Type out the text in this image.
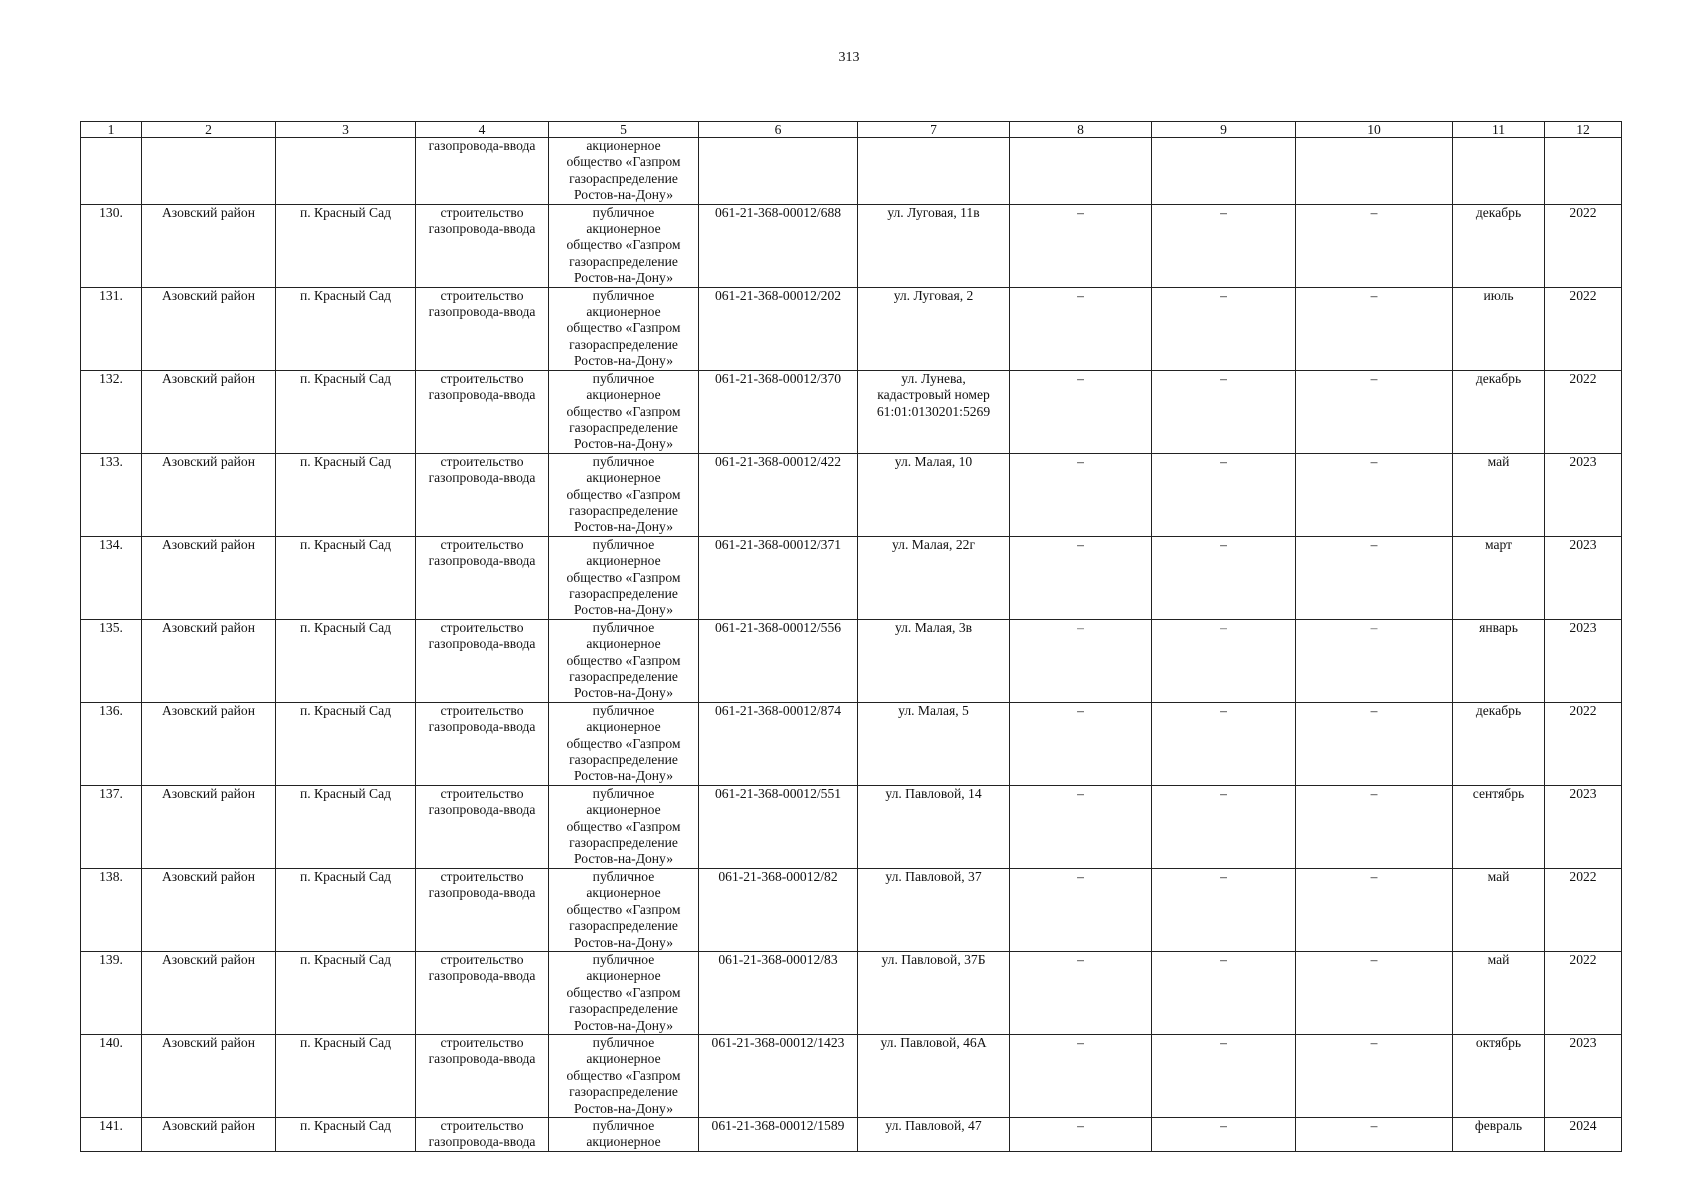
313
1	2	3	4	5	6	7	8	9	10	11	12
			газопровода-ввода	акционерное
общество «Газпром
газораспределение
Ростов-на-Дону»							
130.	Азовский район	п. Красный Сад	строительство
газопровода-ввода	публичное
акционерное
общество «Газпром
газораспределение
Ростов-на-Дону»	061-21-368-00012/688	ул. Луговая, 11в	–	–	–	декабрь	2022
131.	Азовский район	п. Красный Сад	строительство
газопровода-ввода	публичное
акционерное
общество «Газпром
газораспределение
Ростов-на-Дону»	061-21-368-00012/202	ул. Луговая, 2	–	–	–	июль	2022
132.	Азовский район	п. Красный Сад	строительство
газопровода-ввода	публичное
акционерное
общество «Газпром
газораспределение
Ростов-на-Дону»	061-21-368-00012/370	ул. Лунева,
кадастровый номер
61:01:0130201:5269	–	–	–	декабрь	2022
133.	Азовский район	п. Красный Сад	строительство
газопровода-ввода	публичное
акционерное
общество «Газпром
газораспределение
Ростов-на-Дону»	061-21-368-00012/422	ул. Малая, 10	–	–	–	май	2023
134.	Азовский район	п. Красный Сад	строительство
газопровода-ввода	публичное
акционерное
общество «Газпром
газораспределение
Ростов-на-Дону»	061-21-368-00012/371	ул. Малая, 22г	–	–	–	март	2023
135.	Азовский район	п. Красный Сад	строительство
газопровода-ввода	публичное
акционерное
общество «Газпром
газораспределение
Ростов-на-Дону»	061-21-368-00012/556	ул. Малая, 3в	–	–	–	январь	2023
136.	Азовский район	п. Красный Сад	строительство
газопровода-ввода	публичное
акционерное
общество «Газпром
газораспределение
Ростов-на-Дону»	061-21-368-00012/874	ул. Малая, 5	–	–	–	декабрь	2022
137.	Азовский район	п. Красный Сад	строительство
газопровода-ввода	публичное
акционерное
общество «Газпром
газораспределение
Ростов-на-Дону»	061-21-368-00012/551	ул. Павловой, 14	–	–	–	сентябрь	2023
138.	Азовский район	п. Красный Сад	строительство
газопровода-ввода	публичное
акционерное
общество «Газпром
газораспределение
Ростов-на-Дону»	061-21-368-00012/82	ул. Павловой, 37	–	–	–	май	2022
139.	Азовский район	п. Красный Сад	строительство
газопровода-ввода	публичное
акционерное
общество «Газпром
газораспределение
Ростов-на-Дону»	061-21-368-00012/83	ул. Павловой, 37Б	–	–	–	май	2022
140.	Азовский район	п. Красный Сад	строительство
газопровода-ввода	публичное
акционерное
общество «Газпром
газораспределение
Ростов-на-Дону»	061-21-368-00012/1423	ул. Павловой, 46А	–	–	–	октябрь	2023
141.	Азовский район	п. Красный Сад	строительство
газопровода-ввода	публичное
акционерное	061-21-368-00012/1589	ул. Павловой, 47	–	–	–	февраль	2024
